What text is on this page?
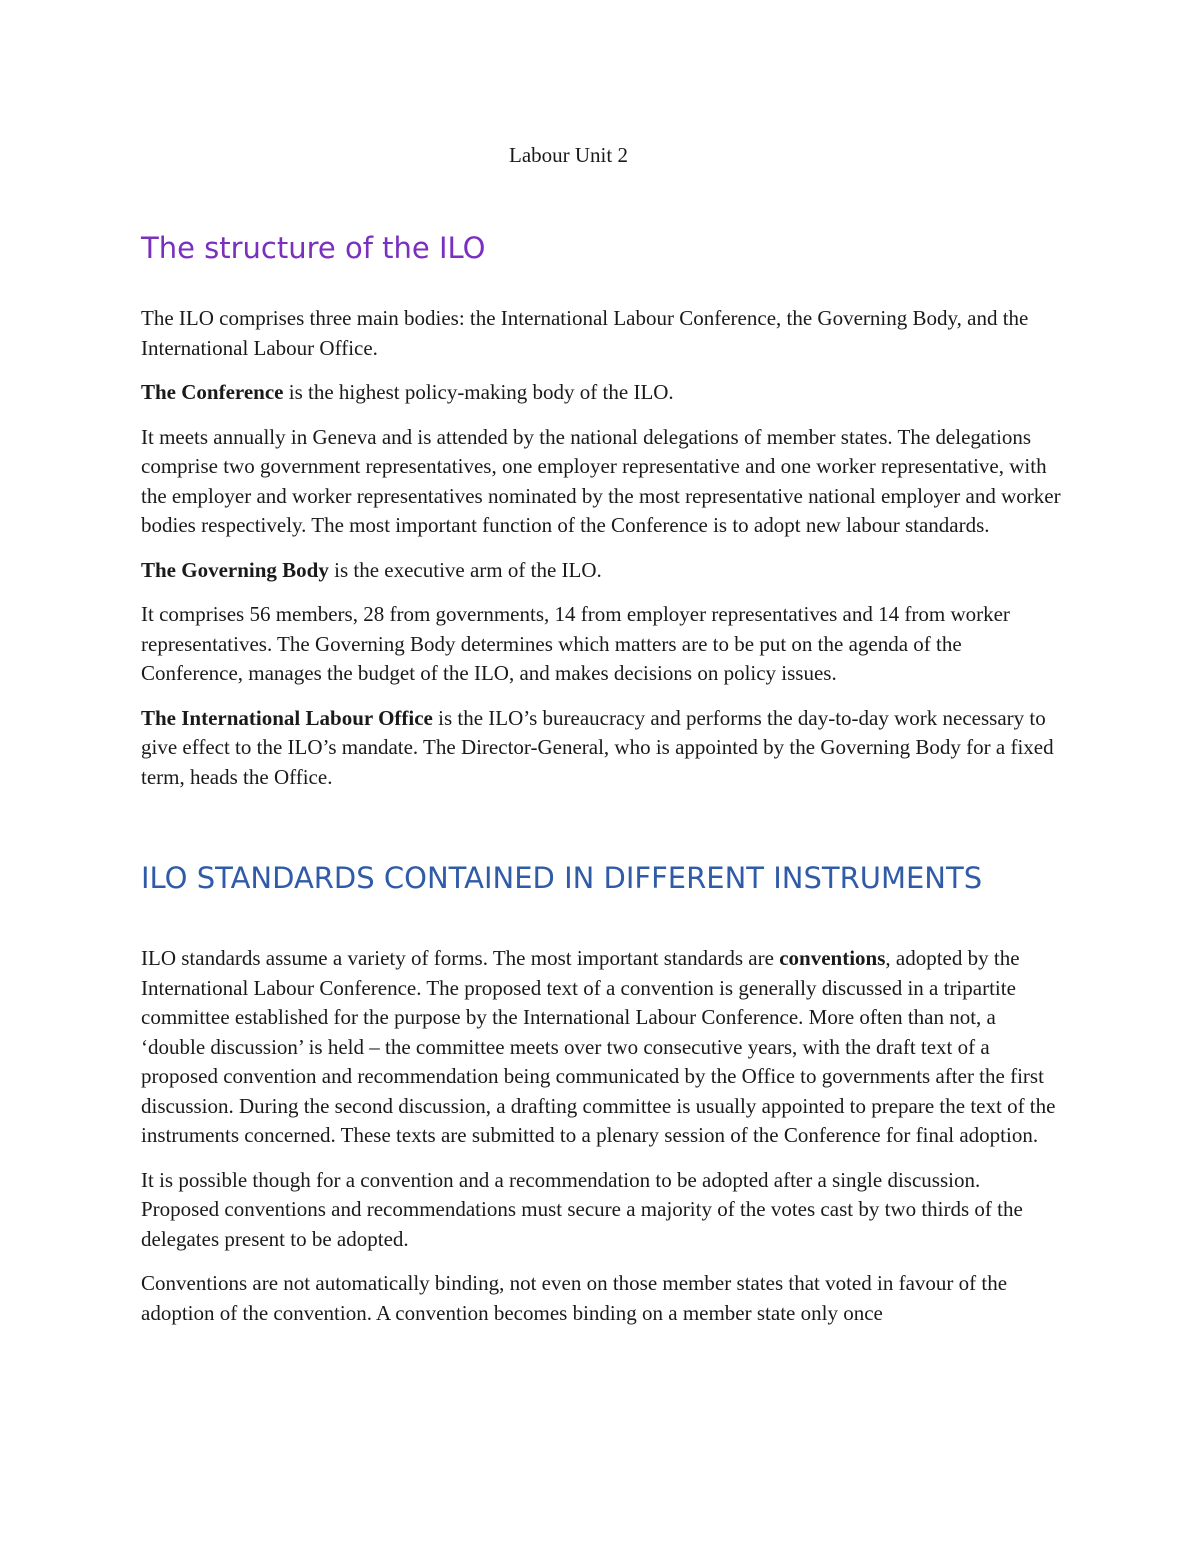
Labour Unit 2
The structure of the ILO

The ILO comprises three main bodies: the International Labour Conference, the Governing Body, and the International Labour Office.

The Conference is the highest policy-making body of the ILO.

It meets annually in Geneva and is attended by the national delegations of member states. The delegations comprise two government representatives, one employer representative and one worker representative, with the employer and worker representatives nominated by the most representative national employer and worker bodies respectively. The most important function of the Conference is to adopt new labour standards.

The Governing Body is the executive arm of the ILO.

It comprises 56 members, 28 from governments, 14 from employer representatives and 14 from worker representatives. The Governing Body determines which matters are to be put on the agenda of the Conference, manages the budget of the ILO, and makes decisions on policy issues.

The International Labour Office is the ILO’s bureaucracy and performs the day-to-day work necessary to give effect to the ILO’s mandate. The Director-General, who is appointed by the Governing Body for a fixed term, heads the Office.

ILO STANDARDS CONTAINED IN DIFFERENT INSTRUMENTS

ILO standards assume a variety of forms. The most important standards are conventions, adopted by the International Labour Conference. The proposed text of a convention is generally discussed in a tripartite committee established for the purpose by the International Labour Conference. More often than not, a ‘double discussion’ is held – the committee meets over two consecutive years, with the draft text of a proposed convention and recommendation being communicated by the Office to governments after the first discussion. During the second discussion, a drafting committee is usually appointed to prepare the text of the instruments concerned. These texts are submitted to a plenary session of the Conference for final adoption.

It is possible though for a convention and a recommendation to be adopted after a single discussion. Proposed conventions and recommendations must secure a majority of the votes cast by two thirds of the delegates present to be adopted.

Conventions are not automatically binding, not even on those member states that voted in favour of the adoption of the convention. A convention becomes binding on a member state only once
